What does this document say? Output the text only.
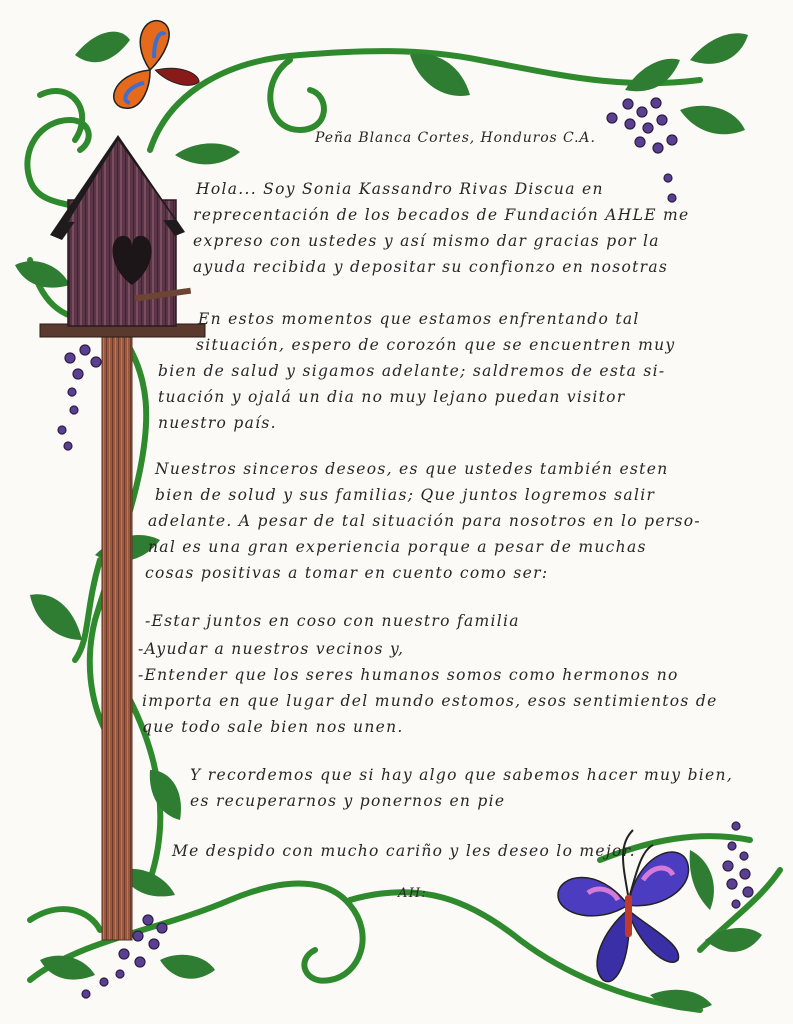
Peña Blanca Cortes, Honduros C.A.

Hola... Soy Sonia Kassandro Rivas Discua en

reprecentación de los becados de Fundación AHLE me

expreso con ustedes y así mismo dar gracias por la

ayuda recibida y depositar su confionzo en nosotras

En estos momentos que estamos enfrentando tal

situación, espero de corozón que se encuentren muy

bien de salud y sigamos adelante; saldremos de esta si-

tuación y ojalá un dia no muy lejano puedan visitor

nuestro país.

Nuestros sinceros deseos, es que ustedes también esten

bien de solud y sus familias; Que juntos logremos salir

adelante. A pesar de tal situación para nosotros en lo perso-

nal es una gran experiencia porque a pesar de muchas

cosas positivas a tomar en cuento como ser:

-Estar juntos en coso con nuestro familia

-Ayudar a nuestros vecinos y,

-Entender que los seres humanos somos como hermonos no

importa en que lugar del mundo estomos, esos sentimientos de

que todo sale bien nos unen.

Y recordemos que si hay algo que sabemos hacer muy bien,

es recuperarnos y ponernos en pie

Me despido con mucho cariño y les deseo lo mejor.

AH:
